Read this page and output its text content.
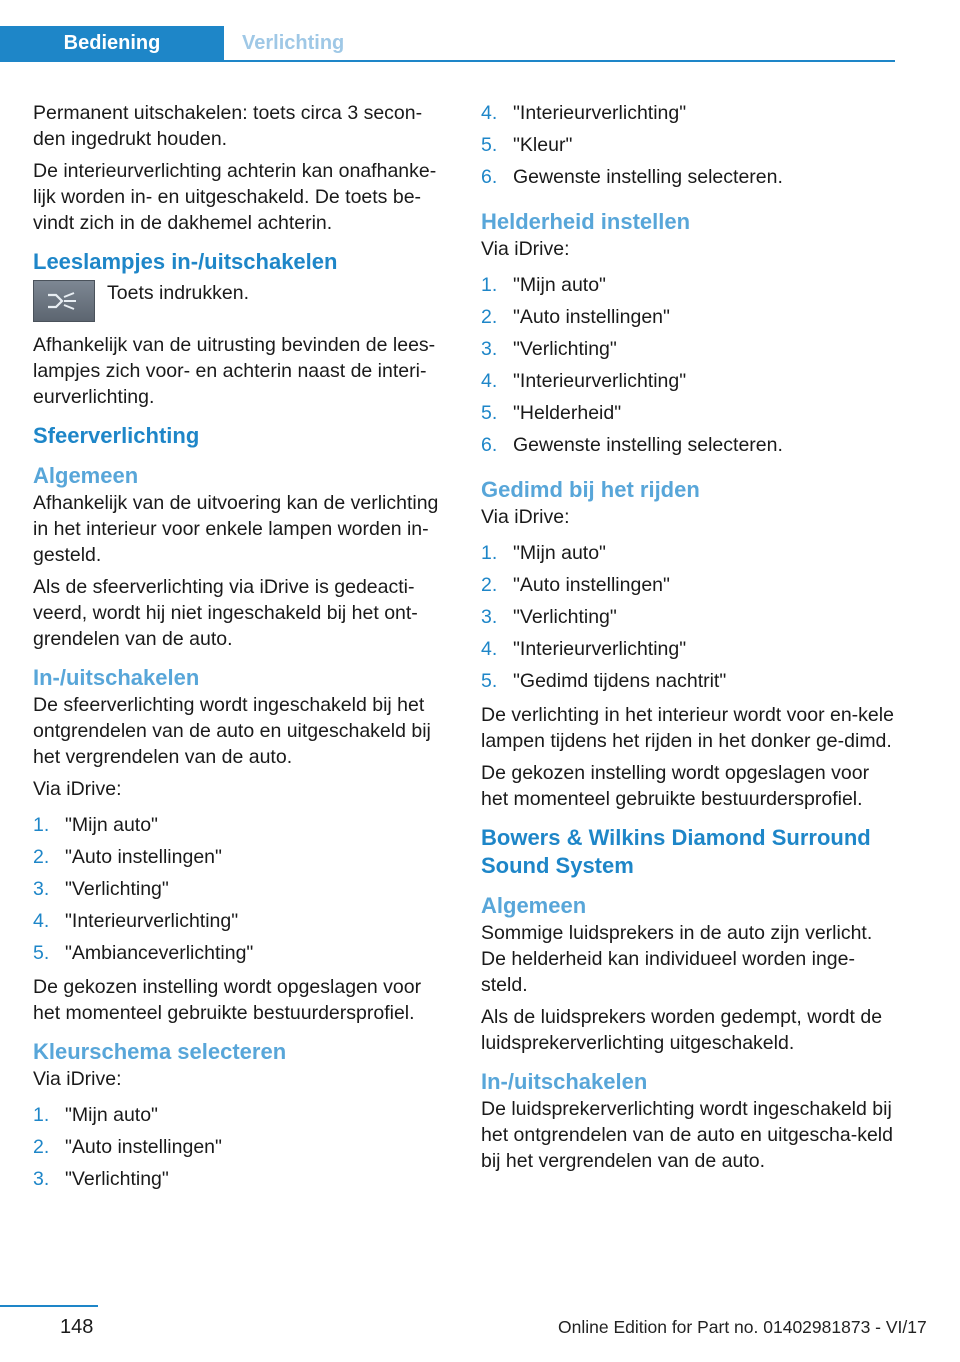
Bediening	Verlichting

Permanent uitschakelen: toets circa 3 secon-den ingedrukt houden.

De interieurverlichting achterin kan onafhanke-lijk worden in- en uitgeschakeld. De toets be-vindt zich in de dakhemel achterin.

Leeslampjes in-/uitschakelen
Toets indrukken.

Afhankelijk van de uitrusting bevinden de lees-lampjes zich voor- en achterin naast de interi-eurverlichting.

Sfeerverlichting
Algemeen

Afhankelijk van de uitvoering kan de verlichting in het interieur voor enkele lampen worden in-gesteld.

Als de sfeerverlichting via iDrive is gedeacti-veerd, wordt hij niet ingeschakeld bij het ont-grendelen van de auto.

In-/uitschakelen

De sfeerverlichting wordt ingeschakeld bij het ontgrendelen van de auto en uitgeschakeld bij het vergrendelen van de auto.

Via iDrive:

1. "Mijn auto"
2. "Auto instellingen"
3. "Verlichting"
4. "Interieurverlichting"
5. "Ambianceverlichting"

De gekozen instelling wordt opgeslagen voor het momenteel gebruikte bestuurdersprofiel.

Kleurschema selecteren

Via iDrive:

1. "Mijn auto"
2. "Auto instellingen"
3. "Verlichting"
4. "Interieurverlichting"
5. "Kleur"
6. Gewenste instelling selecteren.
Helderheid instellen

Via iDrive:

1. "Mijn auto"
2. "Auto instellingen"
3. "Verlichting"
4. "Interieurverlichting"
5. "Helderheid"
6. Gewenste instelling selecteren.
Gedimd bij het rijden

Via iDrive:

1. "Mijn auto"
2. "Auto instellingen"
3. "Verlichting"
4. "Interieurverlichting"
5. "Gedimd tijdens nachtrit"

De verlichting in het interieur wordt voor en-kele lampen tijdens het rijden in het donker ge-dimd.

De gekozen instelling wordt opgeslagen voor het momenteel gebruikte bestuurdersprofiel.

Bowers & Wilkins Diamond Surround Sound System
Algemeen

Sommige luidsprekers in de auto zijn verlicht. De helderheid kan individueel worden inge-steld.

Als de luidsprekers worden gedempt, wordt de luidsprekerverlichting uitgeschakeld.

In-/uitschakelen

De luidsprekerverlichting wordt ingeschakeld bij het ontgrendelen van de auto en uitgescha-keld bij het vergrendelen van de auto.

148	Online Edition for Part no. 01402981873 - VI/17
